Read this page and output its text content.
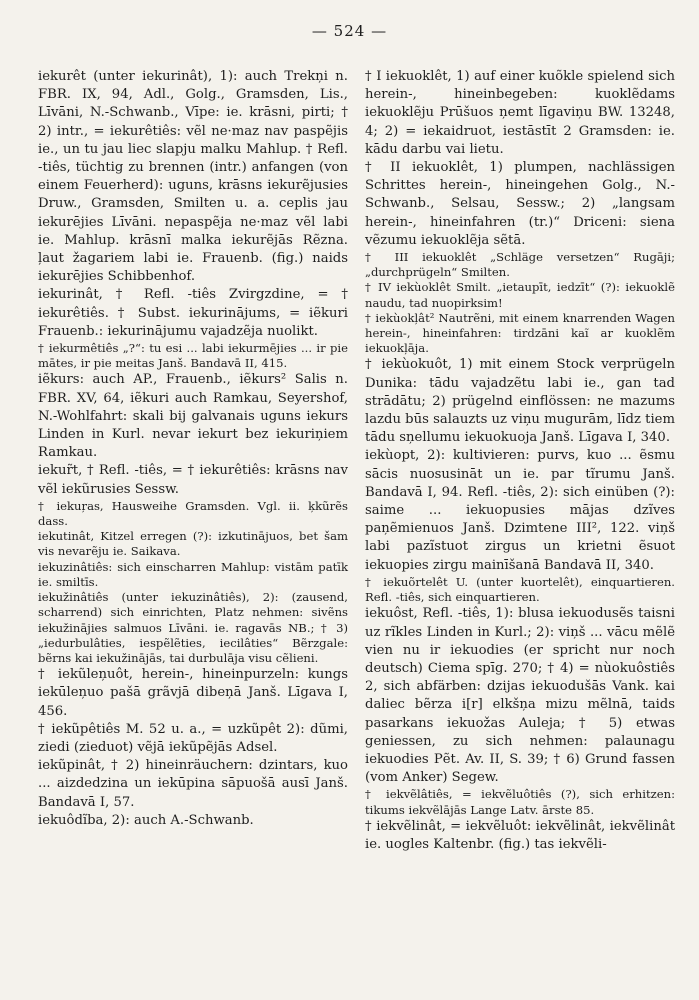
— 524 —

iekurêt (unter iekurinât), 1): auch Trekņi n. FBR. IX, 94, Adl., Golg., Gramsden, Lis., Līvāni, N.-Schwanb., Vīpe: ie. krāsni, pirti; † 2) intr., = iekurêtiês: vẽl ne·maz nav paspẽjis ie., un tu jau liec slapju malku Mahlup. † Refl. -tiês, tüchtig zu brennen (intr.) anfangen (von einem Feuerherd): uguns, krāsns iekurẽjusies Druw., Gramsden, Smilten u. a. ceplis jau iekurējies Līvāni. nepaspẽja ne·maz vẽl labi ie. Mahlup. krāsnī malka iekurẽjās Rẽzna. ļaut žagariem labi ie. Frauenb. (fig.) naids iekurējies Schibbenhof.

iekurinât, † Refl. -tiês Zvirgzdine, = † iekurêtiês. † Subst. iekurinājums, = iẽkuri Frauenb.: iekurinājumu vajadzẽja nuolikt.

† iekurmêtiês „?“: tu esi ... labi iekurmējies ... ir pie mātes, ir pie meitas Janš. Bandavā II, 415.

iẽkurs: auch AP., Frauenb., iẽkurs² Salis n. FBR. XV, 64, iẽkuri auch Ramkau, Seyershof, N.-Wohlfahrt: skali bij galvanais uguns iekurs Linden in Kurl. nevar iekurt bez iekuriņiem Ramkau.

iekur̃t, † Refl. -tiês, = † iekurêtiês: krāsns nav vẽl iekũrusies Sessw.

† iekuŗas, Hausweihe Gramsden. Vgl. ii. ķkũrẽs dass.

iekutinât, Kitzel erregen (?): izkutinājuos, bet šam vis nevarẽju ie. Saikava.

iekuzinâtiês: sich einscharren Mahlup: vistām patīk ie. smiltīs.

iekužinâtiês (unter iekuzinâtiês), 2): (zausend, scharrend) sich einrichten, Platz nehmen: sivẽns iekužinājies salmuos Līvāni. ie. ragavās NB.; † 3) „iedurbulâties, iespẽlẽties, iecilâties“ Bẽrzgale: bẽrns kai iekužinājās, tai durbulāja visu cẽlieni.

† iekũleņuôt, herein-, hineinpurzeln: kungs iekūleņuo pašā grãvjā dibeņā Janš. Līgava I, 456.

† iekũpêtiês M. 52 u. a., = uzkũpêt 2): dũmi, ziedi (zieduot) vẽjā iekũpẽjās Adsel.

iekũpinât, † 2) hineinräuchern: dzintars, kuo ... aizdedzina un iekūpina sāpuošā ausī Janš. Bandavā I, 57.

iekuôdĩba, 2): auch A.-Schwanb.

† I iekuoklêt, 1) auf einer kuõkle spielend sich herein-, hineinbegeben: kuoklẽdams iekuoklẽju Prūšuos ņemt līgaviņu BW. 13248, 4; 2) = iekaidruot, iestāstīt 2 Gramsden: ie. kādu darbu vai lietu.

† II iekuoklêt, 1) plumpen, nachlässigen Schrittes herein-, hineingehen Golg., N.-Schwanb., Selsau, Sessw.; 2) „langsam herein-, hineinfahren (tr.)“ Driceni: siena vẽzumu iekuoklẽja sẽtā.

† III iekuoklêt „Schläge versetzen“ Rugāji; „durchprügeln“ Smilten.

† IV iekùoklêt Smilt. „ietaupīt, iedzīt“ (?): iekuoklẽ naudu, tad nuopirksim!

† iekùokļât² Nautrẽni, mit einem knarrenden Wagen herein-, hineinfahren: tirdzāni kaĩ ar kuoklẽm iekuokļāja.

† iekùokuôt, 1) mit einem Stock verprügeln Dunika: tādu vajadzẽtu labi ie., gan tad strādātu; 2) prügelnd einflössen: ne mazums lazdu būs salauzts uz viņu mugurām, līdz tiem tādu sņellumu iekuokuoja Janš. Līgava I, 340.

iekùopt, 2): kultivieren: purvs, kuo ... ẽsmu sācis nuosusināt un ie. par tĩrumu Janš. Bandavā I, 94. Refl. -tiês, 2): sich einüben (?): saime ... iekuopusies mājas dzĩves paņẽmienuos Janš. Dzimtene III², 122. viņš labi pazĩstuot zirgus un krietni ẽsuot iekuopies zirgu mainīšanā Bandavā II, 340.

† iekuõrtelêt U. (unter kuortelêt), einquartieren. Refl. -tiês, sich einquartieren.

iekuôst, Refl. -tiês, 1): blusa iekuodusẽs taisni uz rĩkles Linden in Kurl.; 2): viņš ... vācu mẽlẽ vien nu ir iekuodies (er spricht nur noch deutsch) Ciema spīg. 270; † 4) = nùokuôstiês 2, sich abfärben: dzijas iekuodušās Vank. kai daliec bẽrza i[r] elkšņa mizu mẽlnā, taids pasarkans iekuožas Auleja; † 5) etwas geniessen, zu sich nehmen: palaunagu iekuodies Pẽt. Av. II, S. 39; † 6) Grund fassen (vom Anker) Segew.

† iekvẽlâtiês, = iekvẽluôtiês (?), sich erhitzen: tikums iekvẽlājās Lange Latv. ārste 85.

† iekvẽlinât, = iekvẽluôt: iekvẽlinât, iekvẽlinât ie. uogles Kaltenbr. (fig.) tas iekvẽli-
